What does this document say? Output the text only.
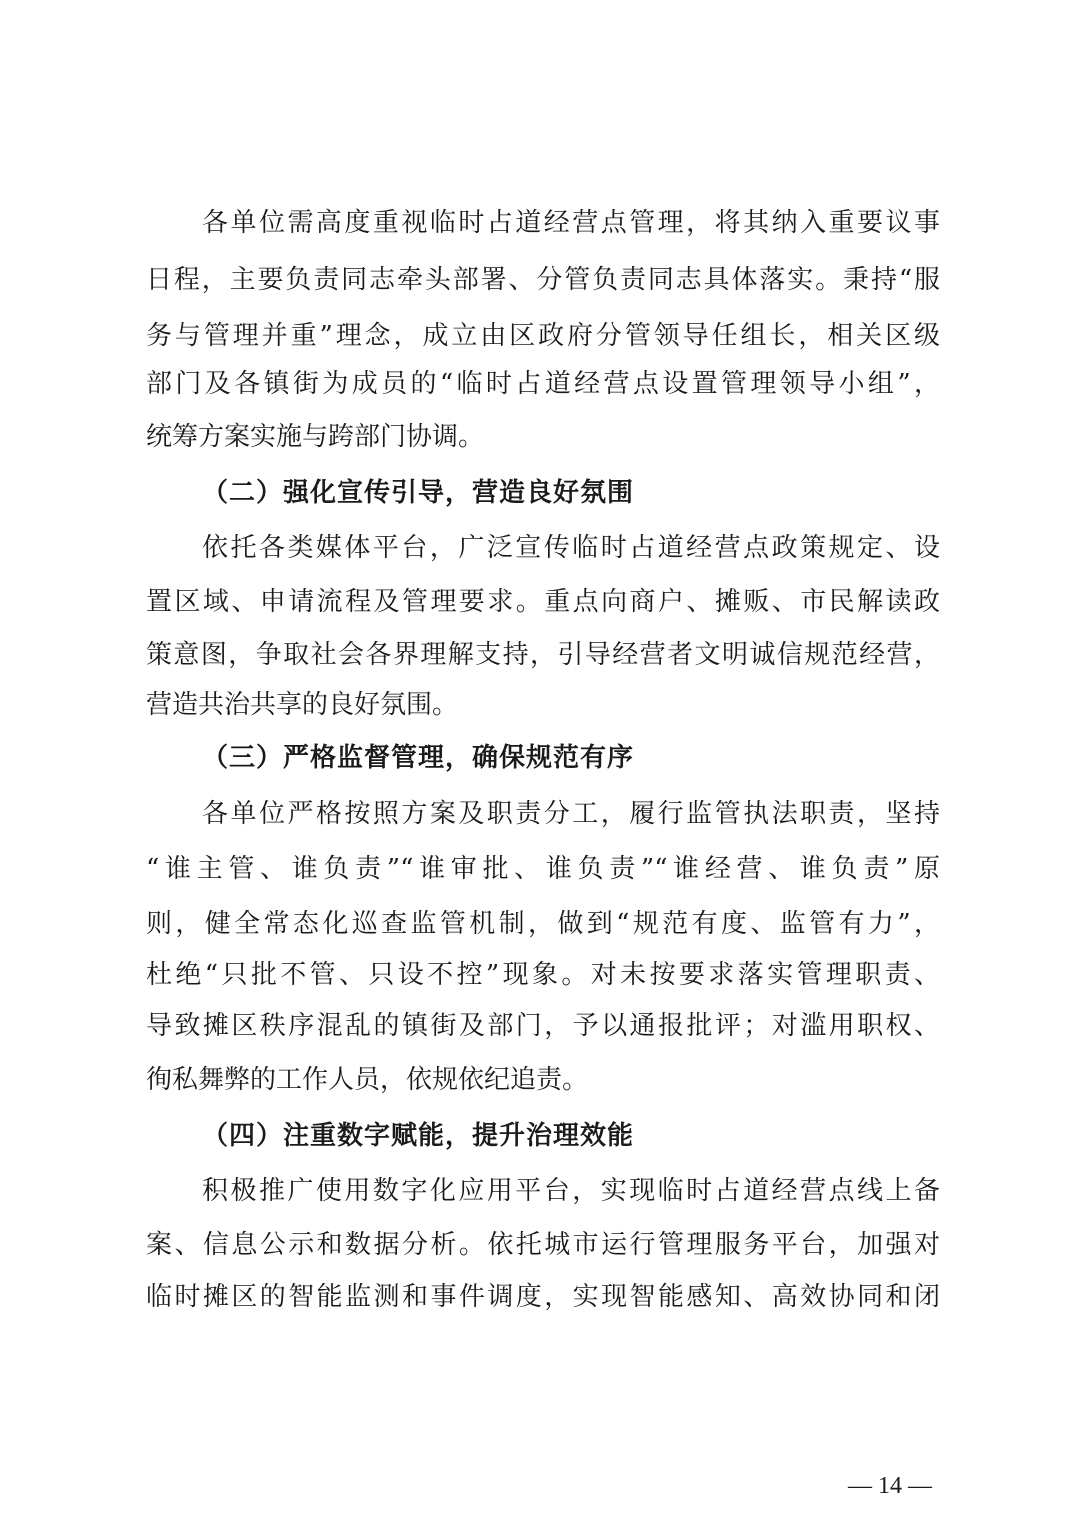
各单位需高度重视临时占道经营点管理，将其纳入重要议事
日程，主要负责同志牵头部署、分管负责同志具体落实。秉持“服
务与管理并重”理念，成立由区政府分管领导任组长，相关区级
部门及各镇街为成员的“临时占道经营点设置管理领导小组”，
统筹方案实施与跨部门协调。
（二）强化宣传引导，营造良好氛围
依托各类媒体平台，广泛宣传临时占道经营点政策规定、设
置区域、申请流程及管理要求。重点向商户、摊贩、市民解读政
策意图，争取社会各界理解支持，引导经营者文明诚信规范经营，
营造共治共享的良好氛围。
（三）严格监督管理，确保规范有序
各单位严格按照方案及职责分工，履行监管执法职责，坚持
“谁主管、谁负责”“谁审批、谁负责”“谁经营、谁负责”原
则，健全常态化巡查监管机制，做到“规范有度、监管有力”，
杜绝“只批不管、只设不控”现象。对未按要求落实管理职责、
导致摊区秩序混乱的镇街及部门，予以通报批评；对滥用职权、
徇私舞弊的工作人员，依规依纪追责。
（四）注重数字赋能，提升治理效能
积极推广使用数字化应用平台，实现临时占道经营点线上备
案、信息公示和数据分析。依托城市运行管理服务平台，加强对
临时摊区的智能监测和事件调度，实现智能感知、高效协同和闭
— 14 —
